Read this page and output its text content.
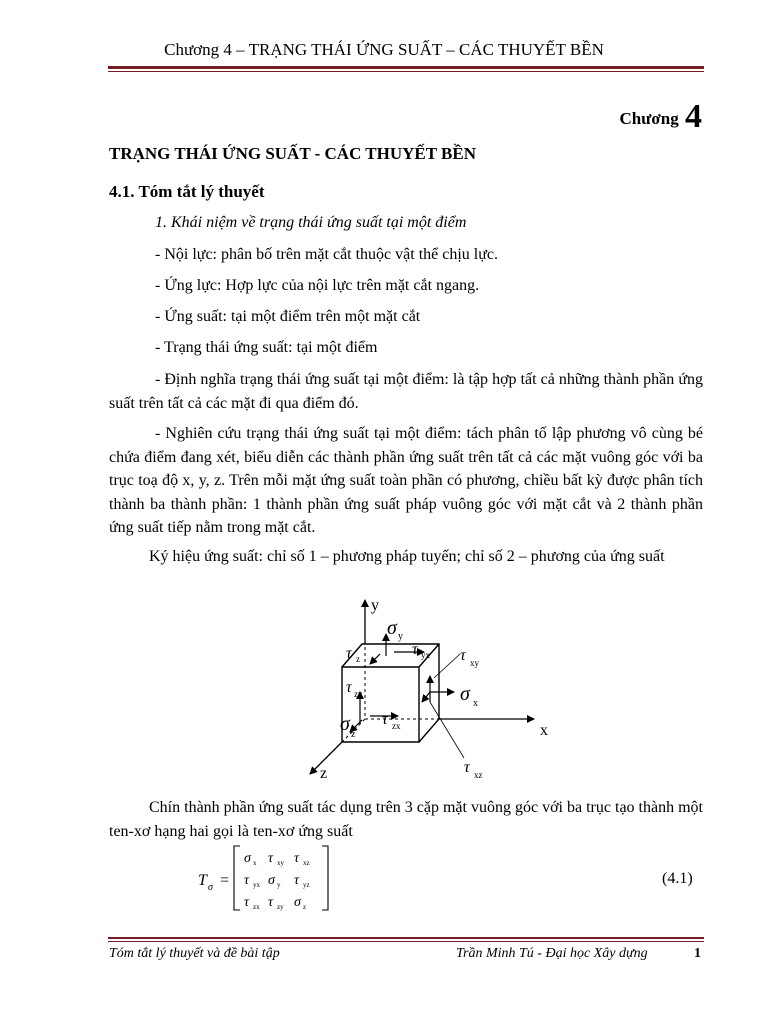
Chương 4 – TRẠNG THÁI ỨNG SUẤT – CÁC THUYẾT BỀN
Chương 4
TRẠNG THÁI ỨNG SUẤT - CÁC THUYẾT BỀN
4.1. Tóm tắt lý thuyết
1. Khái niệm về trạng thái ứng suất tại một điểm
- Nội lực: phân bố trên mặt cắt thuộc vật thể chịu lực.
- Ứng lực: Hợp lực của nội lực trên mặt cắt ngang.
- Ứng suất: tại một điểm trên một mặt cắt
- Trạng thái ứng suất: tại một điểm

- Định nghĩa trạng thái ứng suất tại một điểm: là tập hợp tất cả những thành phần ứng suất trên tất cả các mặt đi qua điểm đó.

- Nghiên cứu trạng thái ứng suất tại một điểm: tách phân tố lập phương vô cùng bé chứa điểm đang xét, biểu diễn các thành phần ứng suất trên tất cả các mặt vuông góc với ba trục toạ độ x, y, z. Trên mỗi mặt ứng suất toàn phần có phương, chiều bất kỳ được phân tích thành ba thành phần: 1 thành phần ứng suất pháp vuông góc với mặt cắt và 2 thành phần ứng suất tiếp nằm trong mặt cắt.

Ký hiệu ứng suất: chỉ số 1 – phương pháp tuyến; chỉ số 2 – phương của ứng suất

y
x
z
σ y
τ yx
τ z
σ x
τ xy
τ xz
τ zy
τ zx
σ z

Chín thành phần ứng suất tác dụng trên 3 cặp mặt vuông góc với ba trục tạo thành một ten-xơ hạng hai gọi là ten-xơ ứng suất

T σ =
σ x τ xy τ xz
τ yx σ y τ yz
τ zx τ zy σ z
(4.1)
Tóm tắt lý thuyết và đề bài tập	Trần Minh Tú - Đại học Xây dựng	1
